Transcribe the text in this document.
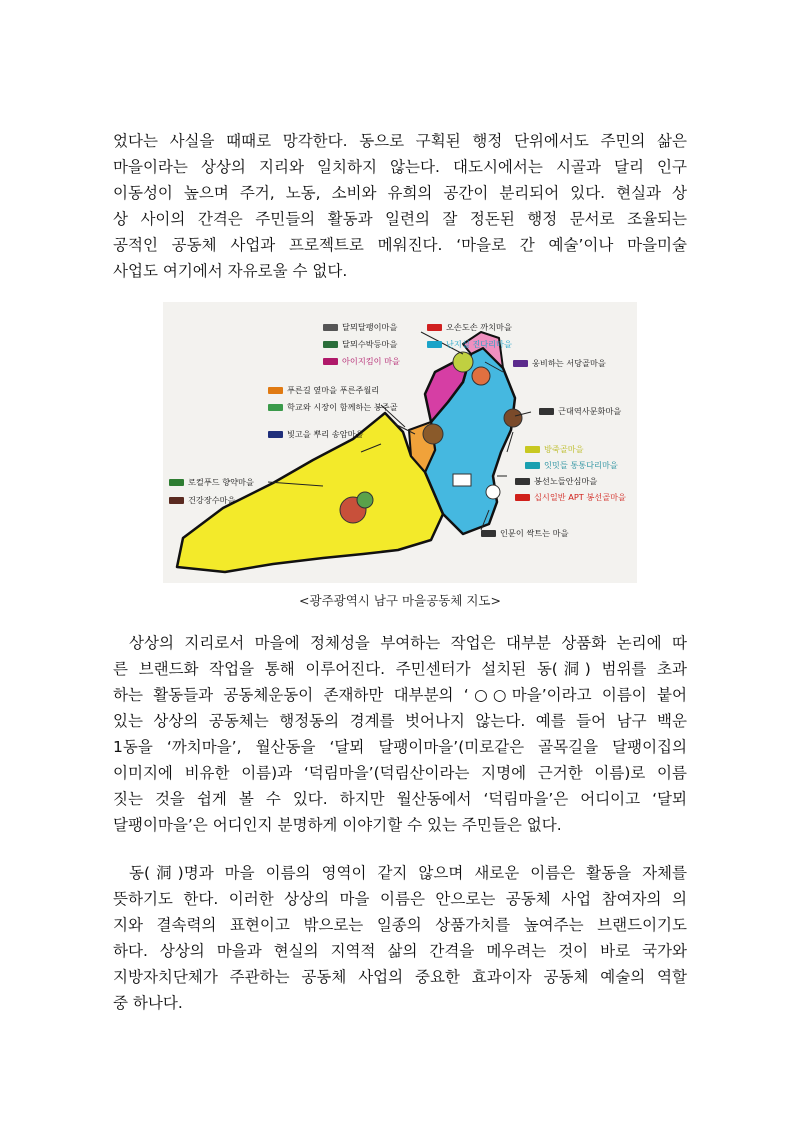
었다는 사실을 때때로 망각한다. 동으로 구획된 행정 단위에서도 주민의 삶은
마을이라는 상상의 지리와 일치하지 않는다. 대도시에서는 시골과 달리 인구
이동성이 높으며 주거, 노동, 소비와 유희의 공간이 분리되어 있다. 현실과 상
상 사이의 간격은 주민들의 활동과 일련의 잘 정돈된 행정 문서로 조율되는
공적인 공동체 사업과 프로젝트로 메워진다. ‘마을로 간 예술’이나 마을미술
사업도 여기에서 자유로울 수 없다.
달뫼달팽이마을
달뫼수박등마을
아이지킴이 마을
푸른길 옆마을 푸른주월리
학교와 시장이 함께하는 봉주골
빛고을 뿌리 송암마을
로컬푸드 향약마을
건강장수마을
오손도손 까치마을
난지실 진다리마을
웅비하는 서당골마을
근대역사문화마을
방죽골마을
잇밋들 통통다리마을
봉선노들안심마을
십시일반 APT 봉선골마을
인문이 싹트는 마을
<광주광역시 남구 마을공동체 지도>
상상의 지리로서 마을에 정체성을 부여하는 작업은 대부분 상품화 논리에 따
른 브랜드화 작업을 통해 이루어진다. 주민센터가 설치된 동(洞) 범위를 초과
하는 활동들과 공동체운동이 존재하만 대부분의 ‘○○마을’이라고 이름이 붙어
있는 상상의 공동체는 행정동의 경계를 벗어나지 않는다. 예를 들어 남구 백운
1동을 ‘까치마을’, 월산동을 ‘달뫼 달팽이마을’(미로같은 골목길을 달팽이집의
이미지에 비유한 이름)과 ‘덕림마을’(덕림산이라는 지명에 근거한 이름)로 이름
짓는 것을 쉽게 볼 수 있다. 하지만 월산동에서 ‘덕림마을’은 어디이고 ‘달뫼
달팽이마을’은 어디인지 분명하게 이야기할 수 있는 주민들은 없다.
동(洞)명과 마을 이름의 영역이 같지 않으며 새로운 이름은 활동을 자체를
뜻하기도 한다. 이러한 상상의 마을 이름은 안으로는 공동체 사업 참여자의 의
지와 결속력의 표현이고 밖으로는 일종의 상품가치를 높여주는 브랜드이기도
하다. 상상의 마을과 현실의 지역적 삶의 간격을 메우려는 것이 바로 국가와
지방자치단체가 주관하는 공동체 사업의 중요한 효과이자 공동체 예술의 역할
중 하나다.
